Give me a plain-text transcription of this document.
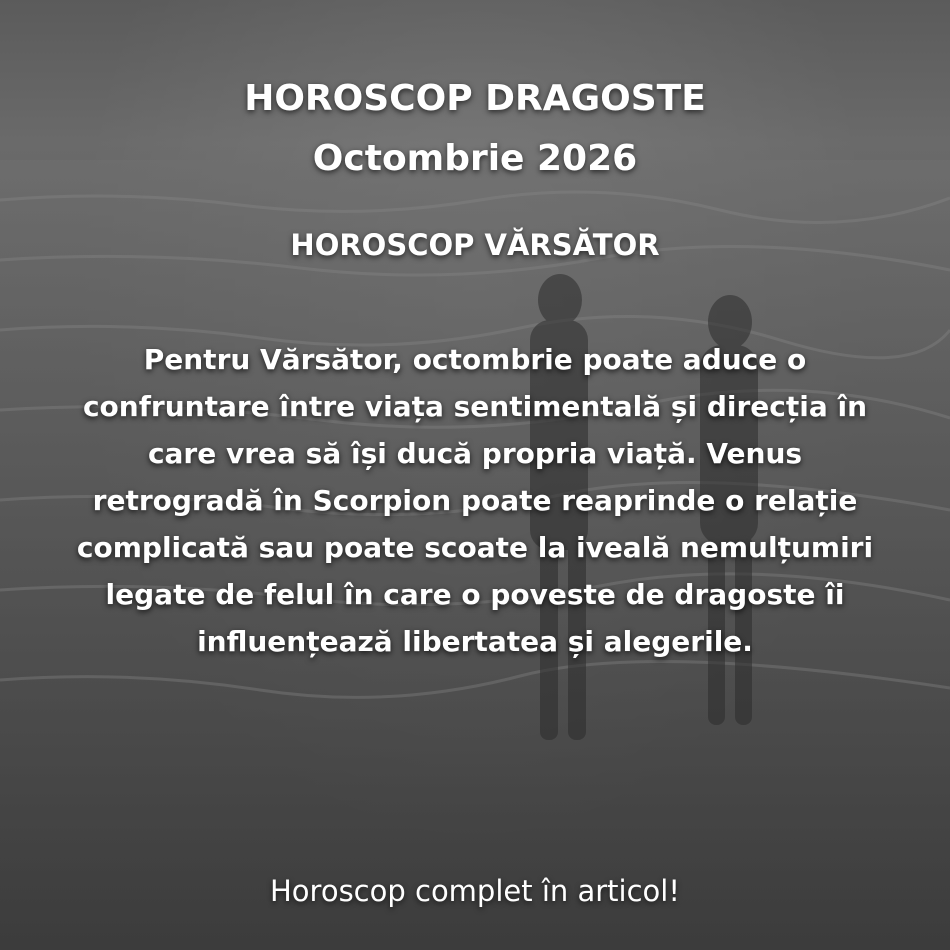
HOROSCOP DRAGOSTE
Octombrie 2026
HOROSCOP VĂRSĂTOR
Pentru Vărsător, octombrie poate aduce o confruntare între viața sentimentală și direcția în care vrea să își ducă propria viață. Venus retrogradă în Scorpion poate reaprinde o relație complicată sau poate scoate la iveală nemulțumiri legate de felul în care o poveste de dragoste îi influențează libertatea și alegerile.
Horoscop complet în articol!
